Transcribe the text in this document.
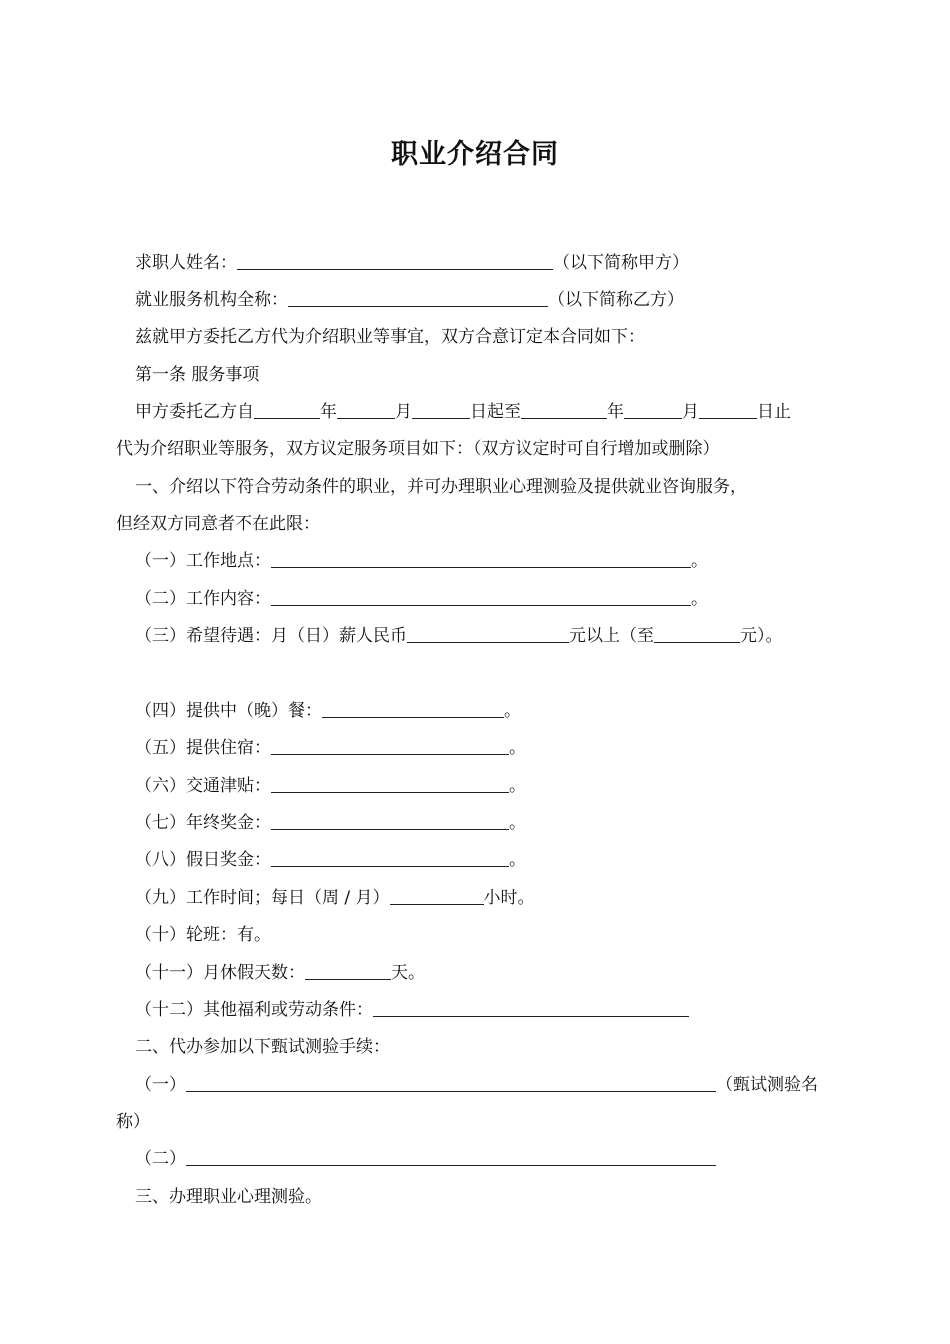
职业介绍合同
求职人姓名：	（以下简称甲方）
就业服务机构全称：	（以下简称乙方）
兹就甲方委托乙方代为介绍职业等事宜，双方合意订定本合同如下：
第一条 服务事项
甲方委托乙方自	年	月	日起至	年	月	日止
代为介绍职业等服务，双方议定服务项目如下：（双方议定时可自行增加或删除）
一、介绍以下符合劳动条件的职业，并可办理职业心理测验及提供就业咨询服务，
但经双方同意者不在此限：
（一）工作地点：	。
（二）工作内容：	。
（三）希望待遇：月（日）薪人民币	元以上（至	元）。
（四）提供中（晚）餐：	。
（五）提供住宿：	。
（六）交通津贴：	。
（七）年终奖金：	。
（八）假日奖金：	。
（九）工作时间；每日（周 / 月）	小时。
（十）轮班：有。
（十一）月休假天数：	天。
（十二）其他福利或劳动条件：
二、代办参加以下甄试测验手续：
（一）	（甄试测验名
称）
（二）
三、办理职业心理测验。
